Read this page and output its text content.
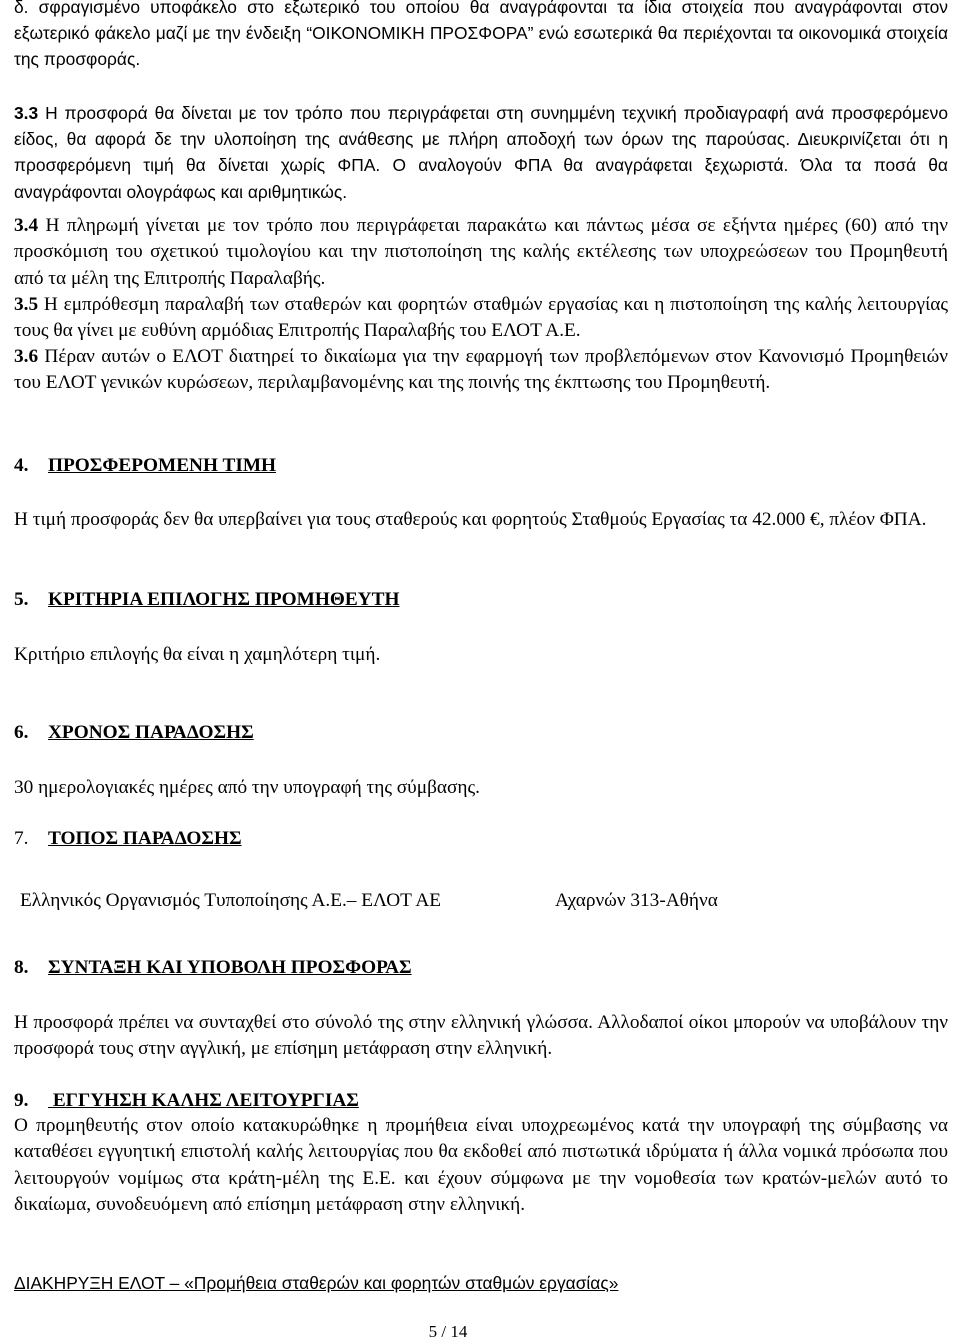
δ. σφραγισμένο υποφάκελο στο εξωτερικό του οποίου θα αναγράφονται τα ίδια στοιχεία που αναγράφονται στον εξωτερικό φάκελο μαζί με την ένδειξη “ΟΙΚΟΝΟΜΙΚΗ ΠΡΟΣΦΟΡΑ” ενώ εσωτερικά θα περιέχονται τα οικονομικά στοιχεία της προσφοράς.

3.3 Η προσφορά θα δίνεται με τον τρόπο που περιγράφεται στη συνημμένη τεχνική προδιαγραφή ανά προσφερόμενο είδος, θα αφορά δε την υλοποίηση της ανάθεσης με πλήρη αποδοχή των όρων της παρούσας. Διευκρινίζεται ότι η προσφερόμενη τιμή θα δίνεται χωρίς ΦΠΑ. Ο αναλογούν ΦΠΑ θα αναγράφεται ξεχωριστά. Όλα τα ποσά θα αναγράφονται ολογράφως και αριθμητικώς.

3.4 Η πληρωμή γίνεται με τον τρόπο που περιγράφεται παρακάτω και πάντως μέσα σε εξήντα ημέρες (60) από την προσκόμιση του σχετικού τιμολογίου και την πιστοποίηση της καλής εκτέλεσης των υποχρεώσεων του Προμηθευτή από τα μέλη της Επιτροπής Παραλαβής.

3.5 Η εμπρόθεσμη παραλαβή των σταθερών και φορητών σταθμών εργασίας και η πιστοποίηση της καλής λειτουργίας τους θα γίνει με ευθύνη αρμόδιας Επιτροπής Παραλαβής του ΕΛΟΤ Α.Ε.

3.6 Πέραν αυτών ο ΕΛΟΤ διατηρεί το δικαίωμα για την εφαρμογή των προβλεπόμενων στον Κανονισμό Προμηθειών του ΕΛΟΤ γενικών κυρώσεων, περιλαμβανομένης και της ποινής της έκπτωσης του Προμηθευτή.

4. ΠΡΟΣΦΕΡΟΜΕΝΗ ΤΙΜΗ

Η τιμή προσφοράς δεν θα υπερβαίνει για τους σταθερούς και φορητούς Σταθμούς Εργασίας τα 42.000 €, πλέον ΦΠΑ.

5. ΚΡΙΤΗΡΙΑ ΕΠΙΛΟΓΗΣ ΠΡΟΜΗΘΕΥΤΗ

Κριτήριο επιλογής θα είναι η χαμηλότερη τιμή.

6. ΧΡΟΝΟΣ ΠΑΡΑΔΟΣΗΣ

30 ημερολογιακές ημέρες από την υπογραφή της σύμβασης.

7. ΤΟΠΟΣ ΠΑΡΑΔΟΣΗΣ
Ελληνικός Οργανισμός Τυποποίησης Α.Ε.– ΕΛΟΤ ΑΕ	Αχαρνών 313-Αθήνα
8. ΣΥΝΤΑΞΗ ΚΑΙ ΥΠΟΒΟΛΗ ΠΡΟΣΦΟΡΑΣ

Η προσφορά πρέπει να συνταχθεί στο σύνολό της στην ελληνική γλώσσα. Αλλοδαποί οίκοι μπορούν να υποβάλουν την προσφορά τους στην αγγλική, με επίσημη μετάφραση στην ελληνική.

9. ΕΓΓΥΗΣΗ ΚΑΛΗΣ ΛΕΙΤΟΥΡΓΙΑΣ

Ο προμηθευτής στον οποίο κατακυρώθηκε η προμήθεια είναι υποχρεωμένος κατά την υπογραφή της σύμβασης να καταθέσει εγγυητική επιστολή καλής λειτουργίας που θα εκδοθεί από πιστωτικά ιδρύματα ή άλλα νομικά πρόσωπα που λειτουργούν νομίμως στα κράτη-μέλη της Ε.Ε. και έχουν σύμφωνα με την νομοθεσία των κρατών-μελών αυτό το δικαίωμα, συνοδευόμενη από επίσημη μετάφραση στην ελληνική.

ΔΙΑΚΗΡΥΞΗ ΕΛΟΤ – «Προμήθεια σταθερών και φορητών σταθμών εργασίας»
5 / 14
